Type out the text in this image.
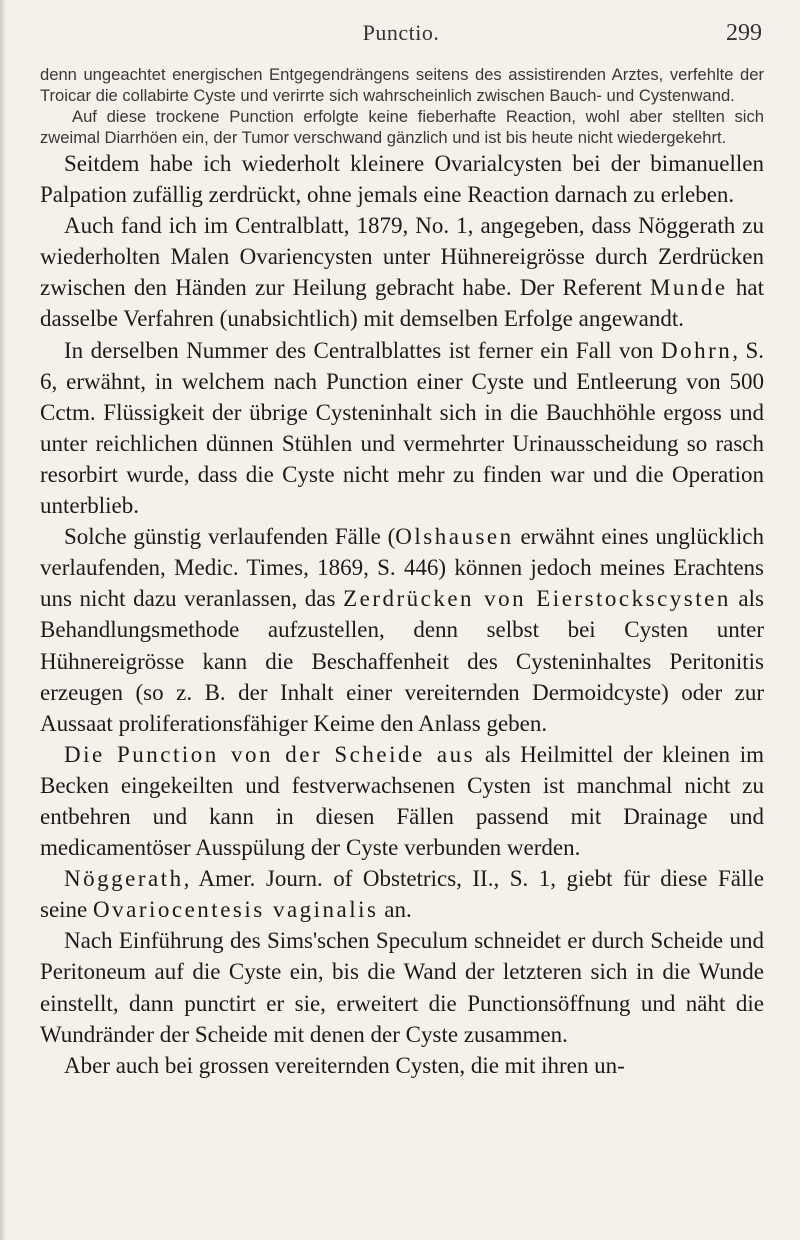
Punctio.	299

denn ungeachtet energischen Entgegendrängens seitens des assistirenden Arztes, verfehlte der Troicar die collabirte Cyste und verirrte sich wahrscheinlich zwischen Bauch- und Cystenwand.

Auf diese trockene Punction erfolgte keine fieberhafte Reaction, wohl aber stellten sich zweimal Diarrhöen ein, der Tumor verschwand gänzlich und ist bis heute nicht wiedergekehrt.

Seitdem habe ich wiederholt kleinere Ovarialcysten bei der bimanuellen Palpation zufällig zerdrückt, ohne jemals eine Reaction darnach zu erleben.

Auch fand ich im Centralblatt, 1879, No. 1, angegeben, dass Nöggerath zu wiederholten Malen Ovariencysten unter Hühnereigrösse durch Zerdrücken zwischen den Händen zur Heilung gebracht habe. Der Referent Munde hat dasselbe Verfahren (unabsichtlich) mit demselben Erfolge angewandt.

In derselben Nummer des Centralblattes ist ferner ein Fall von Dohrn, S. 6, erwähnt, in welchem nach Punction einer Cyste und Entleerung von 500 Cctm. Flüssigkeit der übrige Cysteninhalt sich in die Bauchhöhle ergoss und unter reichlichen dünnen Stühlen und vermehrter Urinausscheidung so rasch resorbirt wurde, dass die Cyste nicht mehr zu finden war und die Operation unterblieb.

Solche günstig verlaufenden Fälle (Olshausen erwähnt eines unglücklich verlaufenden, Medic. Times, 1869, S. 446) können jedoch meines Erachtens uns nicht dazu veranlassen, das Zerdrücken von Eierstockscysten als Behandlungsmethode aufzustellen, denn selbst bei Cysten unter Hühnereigrösse kann die Beschaffenheit des Cysteninhaltes Peritonitis erzeugen (so z. B. der Inhalt einer vereiternden Dermoidcyste) oder zur Aussaat proliferationsfähiger Keime den Anlass geben.

Die Punction von der Scheide aus als Heilmittel der kleinen im Becken eingekeilten und festverwachsenen Cysten ist manchmal nicht zu entbehren und kann in diesen Fällen passend mit Drainage und medicamentöser Ausspülung der Cyste verbunden werden.

Nöggerath, Amer. Journ. of Obstetrics, II., S. 1, giebt für diese Fälle seine Ovariocentesis vaginalis an.

Nach Einführung des Sims'schen Speculum schneidet er durch Scheide und Peritoneum auf die Cyste ein, bis die Wand der letzteren sich in die Wunde einstellt, dann punctirt er sie, erweitert die Punctionsöffnung und näht die Wundränder der Scheide mit denen der Cyste zusammen.

Aber auch bei grossen vereiternden Cysten, die mit ihren un-
